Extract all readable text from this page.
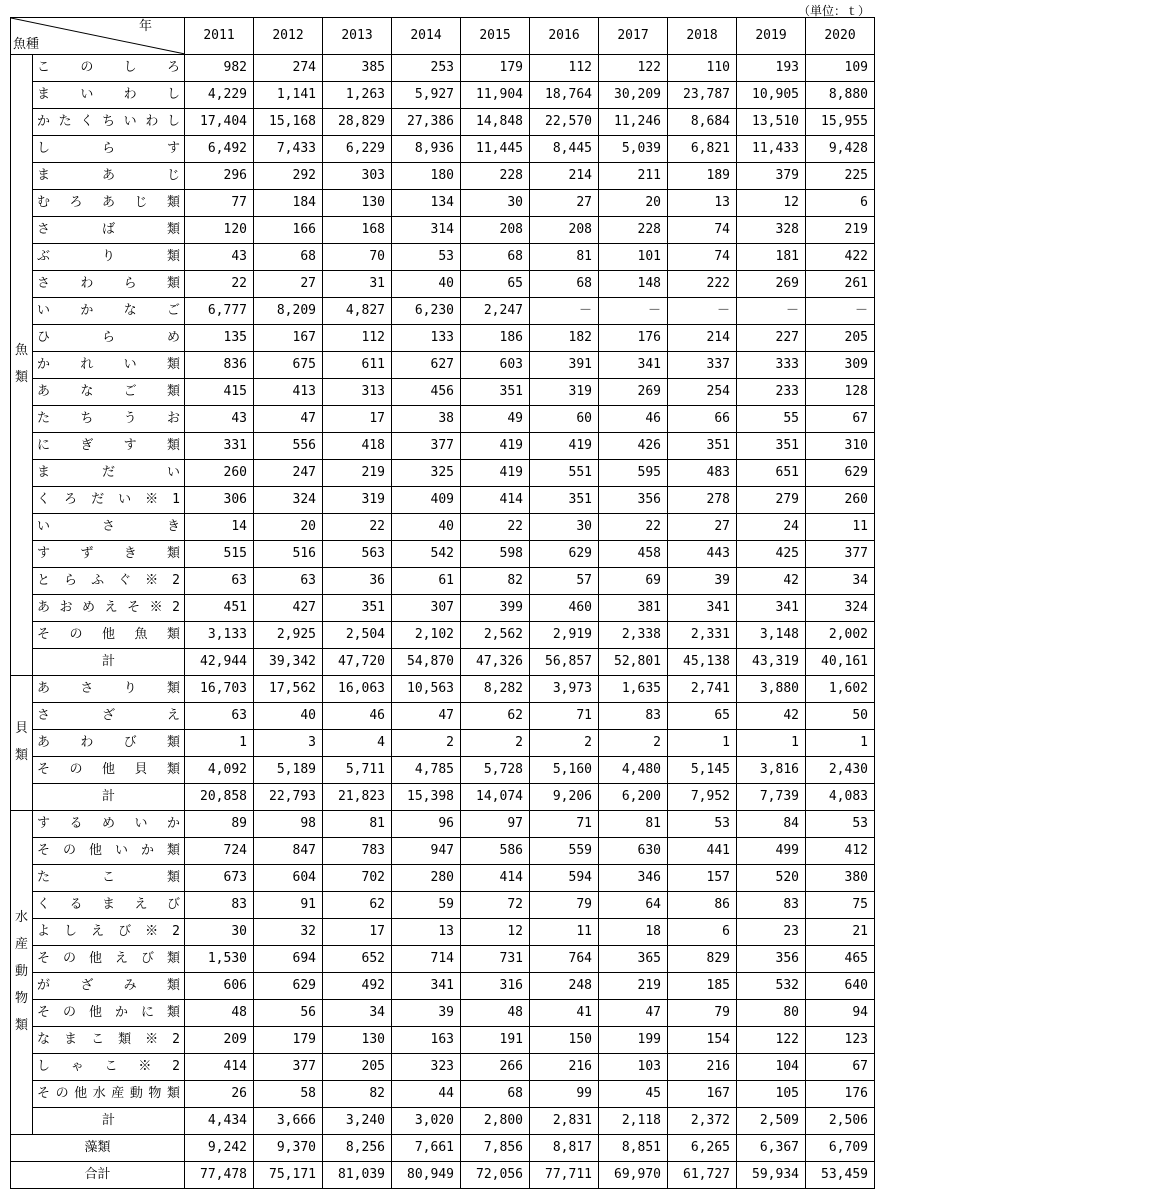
（単位：ｔ）
年
魚種		2011	2012	2013	2014	2015	2016	2017	2018	2019	2020
魚類	このしろ	982	274	385	253	179	112	122	110	193	109
	まいわし	4,229	1,141	1,263	5,927	11,904	18,764	30,209	23,787	10,905	8,880
	かたくちいわし	17,404	15,168	28,829	27,386	14,848	22,570	11,246	8,684	13,510	15,955
	しらす	6,492	7,433	6,229	8,936	11,445	8,445	5,039	6,821	11,433	9,428
	まあじ	296	292	303	180	228	214	211	189	379	225
	むろあじ類	77	184	130	134	30	27	20	13	12	6
	さば類	120	166	168	314	208	208	228	74	328	219
	ぶり類	43	68	70	53	68	81	101	74	181	422
	さわら類	22	27	31	40	65	68	148	222	269	261
	いかなご	6,777	8,209	4,827	6,230	2,247	－	－	－	－	－
	ひらめ	135	167	112	133	186	182	176	214	227	205
	かれい類	836	675	611	627	603	391	341	337	333	309
	あなご類	415	413	313	456	351	319	269	254	233	128
	たちうお	43	47	17	38	49	60	46	66	55	67
	にぎす類	331	556	418	377	419	419	426	351	351	310
	まだい	260	247	219	325	419	551	595	483	651	629
	くろだい※1	306	324	319	409	414	351	356	278	279	260
	いさき	14	20	22	40	22	30	22	27	24	11
	すずき類	515	516	563	542	598	629	458	443	425	377
	とらふぐ※2	63	63	36	61	82	57	69	39	42	34
	あおめえそ※2	451	427	351	307	399	460	381	341	341	324
	その他魚類	3,133	2,925	2,504	2,102	2,562	2,919	2,338	2,331	3,148	2,002
	計	42,944	39,342	47,720	54,870	47,326	56,857	52,801	45,138	43,319	40,161
貝類	あさり類	16,703	17,562	16,063	10,563	8,282	3,973	1,635	2,741	3,880	1,602
	さざえ	63	40	46	47	62	71	83	65	42	50
	あわび類	1	3	4	2	2	2	2	1	1	1
	その他貝類	4,092	5,189	5,711	4,785	5,728	5,160	4,480	5,145	3,816	2,430
	計	20,858	22,793	21,823	15,398	14,074	9,206	6,200	7,952	7,739	4,083
水産動物類	するめいか	89	98	81	96	97	71	81	53	84	53
	その他いか類	724	847	783	947	586	559	630	441	499	412
	たこ類	673	604	702	280	414	594	346	157	520	380
	くるまえび	83	91	62	59	72	79	64	86	83	75
	よしえび※2	30	32	17	13	12	11	18	6	23	21
	その他えび類	1,530	694	652	714	731	764	365	829	356	465
	がざみ類	606	629	492	341	316	248	219	185	532	640
	その他かに類	48	56	34	39	48	41	47	79	80	94
	なまこ類※2	209	179	130	163	191	150	199	154	122	123
	しゃこ※2	414	377	205	323	266	216	103	216	104	67
	その他水産動物類	26	58	82	44	68	99	45	167	105	176
	計	4,434	3,666	3,240	3,020	2,800	2,831	2,118	2,372	2,509	2,506
藻類		9,242	9,370	8,256	7,661	7,856	8,817	8,851	6,265	6,367	6,709
合計		77,478	75,171	81,039	80,949	72,056	77,711	69,970	61,727	59,934	53,459
